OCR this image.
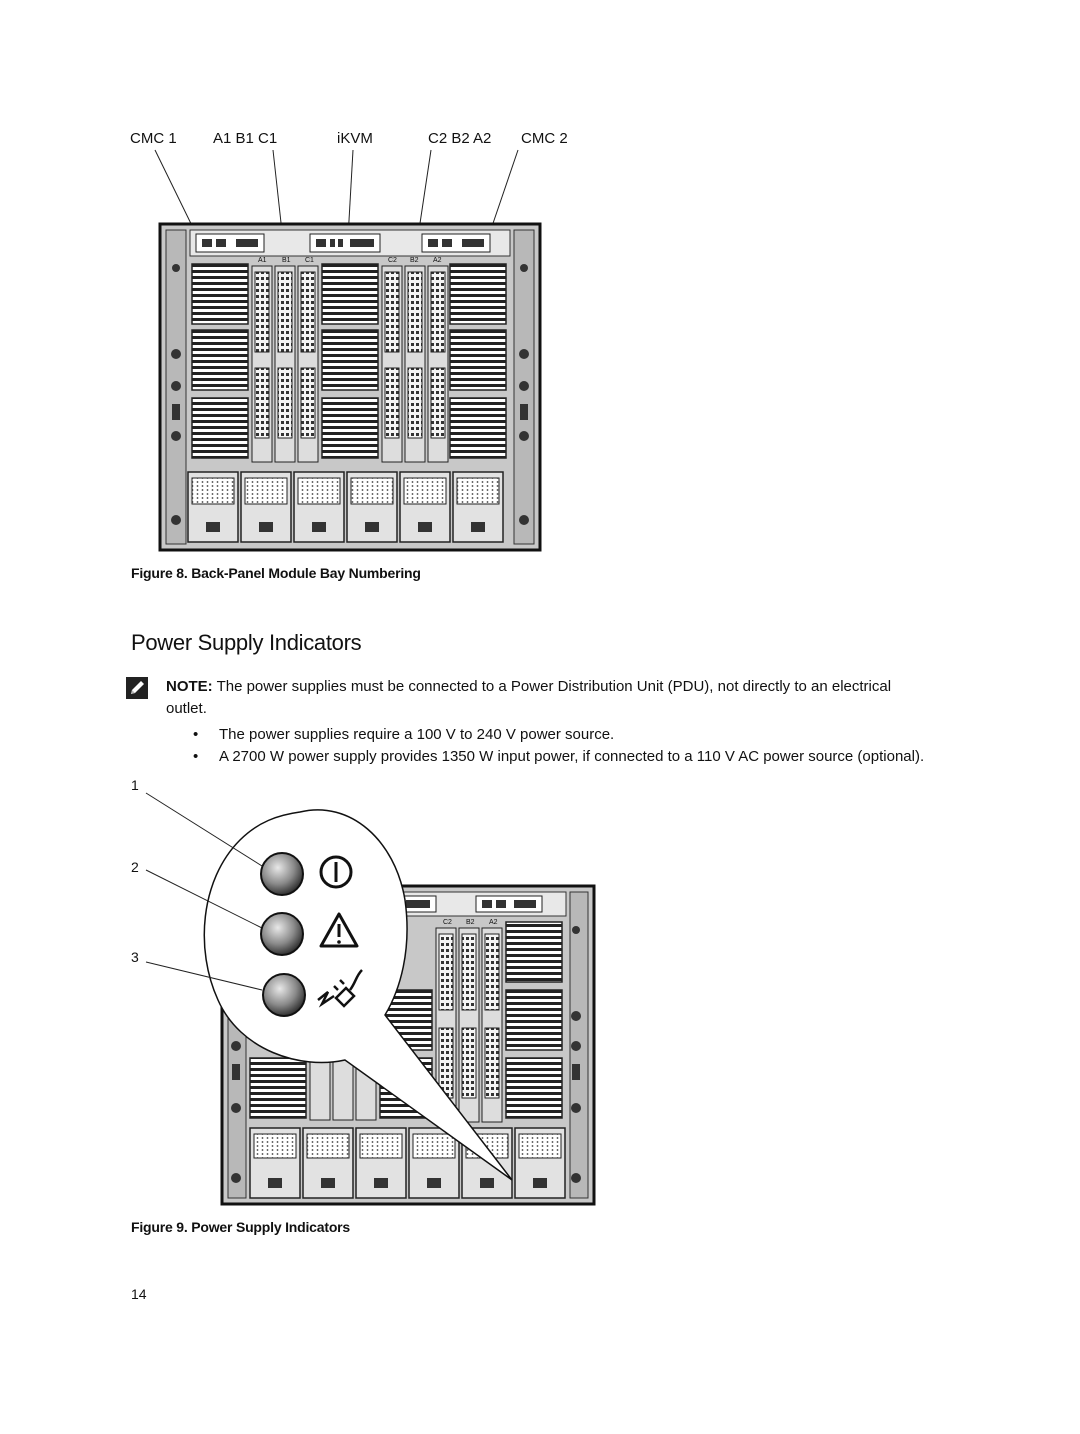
CMC 1 A1 B1 C1	iKVM	C2 B2 A2 CMC 2
A1 B1 C1	C2 B2 A2
Figure 8. Back-Panel Module Bay Numbering
Power Supply Indicators
NOTE: The power supplies must be connected to a Power Distribution Unit (PDU), not directly to an electrical outlet.
• The power supplies require a 100 V to 240 V power source.
• A 2700 W power supply provides 1350 W input power, if connected to a 110 V AC power source (optional).
1
2
3
C2 B2 A2
Figure 9. Power Supply Indicators
14
